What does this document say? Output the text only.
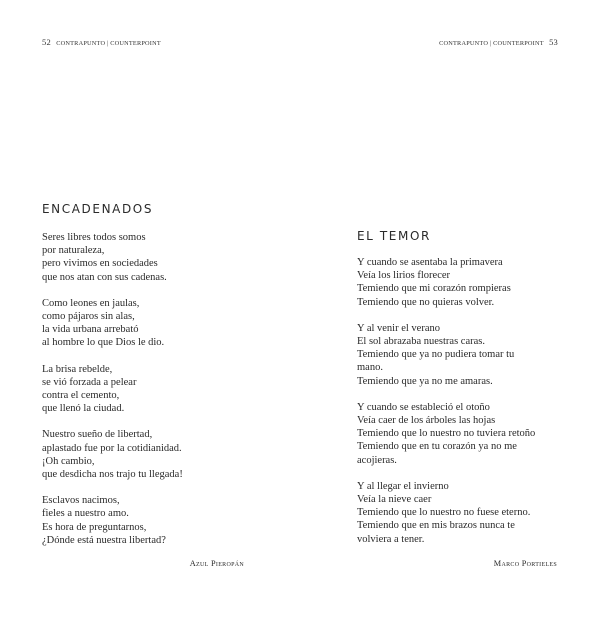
52 CONTRAPUNTO | COUNTERPOINT
ENCADENADOS
Seres libres todos somos
por naturaleza,
pero vivimos en sociedades
que nos atan con sus cadenas.
Como leones en jaulas,
como pájaros sin alas,
la vida urbana arrebató
al hombre lo que Dios le dio.
La brisa rebelde,
se vió forzada a pelear
contra el cemento,
que llenó la ciudad.
Nuestro sueño de libertad,
aplastado fue por la cotidianidad.
¡Oh cambio,
que desdicha nos trajo tu llegada!
Esclavos nacimos,
fieles a nuestro amo.
Es hora de preguntarnos,
¿Dónde está nuestra libertad?
Azul Pieropán
CONTRAPUNTO | COUNTERPOINT 53
EL TEMOR
Y cuando se asentaba la primavera
Veía los lirios florecer
Temiendo que mi corazón rompieras
Temiendo que no quieras volver.
Y al venir el verano
El sol abrazaba nuestras caras.
Temiendo que ya no pudiera tomar tu
mano.
Temiendo que ya no me amaras.
Y cuando se estableció el otoño
Veía caer de los árboles las hojas
Temiendo que lo nuestro no tuviera retoño
Temiendo que en tu corazón ya no me
acojieras.
Y al llegar el invierno
Veía la nieve caer
Temiendo que lo nuestro no fuese eterno.
Temiendo que en mis brazos nunca te
volviera a tener.
Marco Portieles
